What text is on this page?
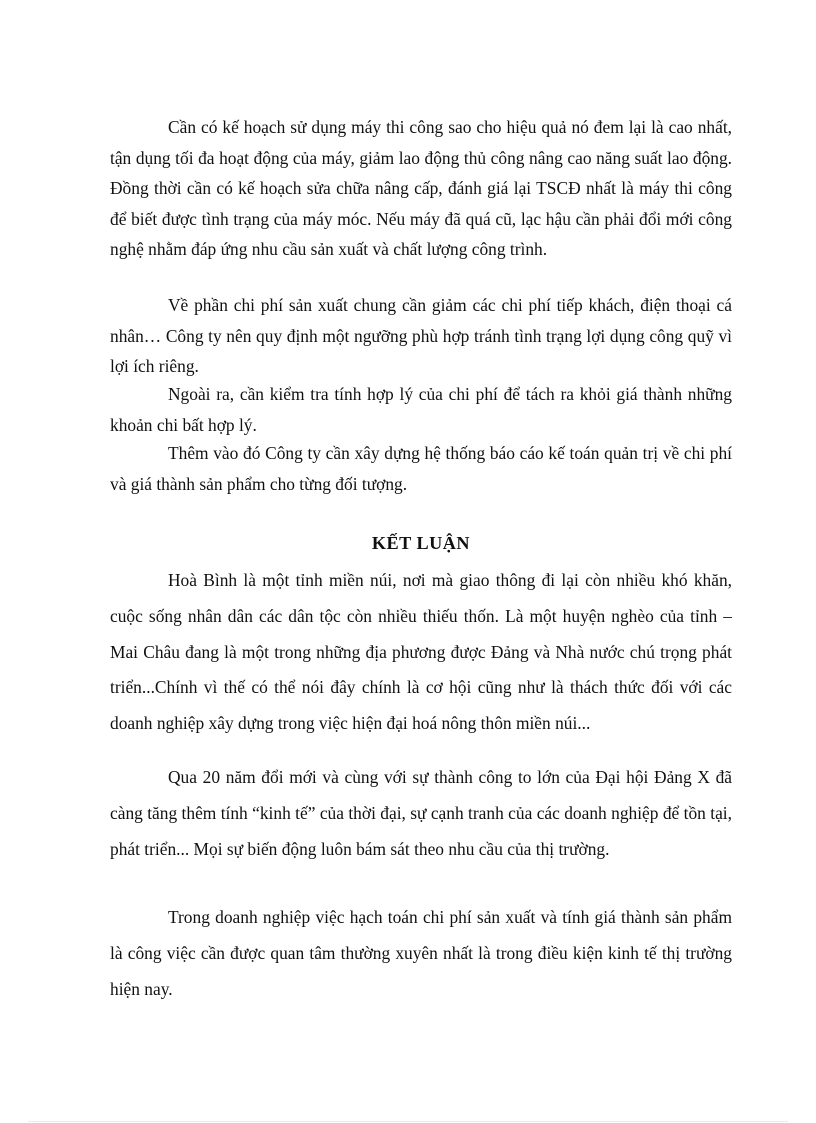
Cần có kế hoạch sử dụng máy thi công sao cho hiệu quả nó đem lại là cao nhất, tận dụng tối đa hoạt động của máy, giảm lao động thủ công nâng cao năng suất lao động. Đồng thời cần có kế hoạch sửa chữa nâng cấp, đánh giá lại TSCĐ nhất là máy thi công để biết được tình trạng của máy móc. Nếu máy đã quá cũ, lạc hậu cần phải đổi mới công nghệ nhằm đáp ứng nhu cầu sản xuất và chất lượng công trình.

Về phần chi phí sản xuất chung cần giảm các chi phí tiếp khách, điện thoại cá nhân… Công ty nên quy định một ngưỡng phù hợp tránh tình trạng lợi dụng công quỹ vì lợi ích riêng.

Ngoài ra, cần kiểm tra tính hợp lý của chi phí để tách ra khỏi giá thành những khoản chi bất hợp lý.

Thêm vào đó Công ty cần xây dựng hệ thống báo cáo kế toán quản trị về chi phí và giá thành sản phẩm cho từng đối tượng.

KẾT LUẬN

Hoà Bình là một tỉnh miền núi, nơi mà giao thông đi lại còn nhiều khó khăn, cuộc sống nhân dân các dân tộc còn nhiều thiếu thốn. Là một huyện nghèo của tỉnh – Mai Châu đang là một trong những địa phương được Đảng và Nhà nước chú trọng phát triển...Chính vì thế có thể nói đây chính là cơ hội cũng như là thách thức đối với các doanh nghiệp xây dựng trong việc hiện đại hoá nông thôn miền núi...

Qua 20 năm đổi mới và cùng với sự thành công to lớn của Đại hội Đảng X đã càng tăng thêm tính “kinh tế” của thời đại, sự cạnh tranh của các doanh nghiệp để tồn tại, phát triển... Mọi sự biến động luôn bám sát theo nhu cầu của thị trường.

Trong doanh nghiệp việc hạch toán chi phí sản xuất và tính giá thành sản phẩm là công việc cần được quan tâm thường xuyên nhất là trong điều kiện kinh tế thị trường hiện nay.
